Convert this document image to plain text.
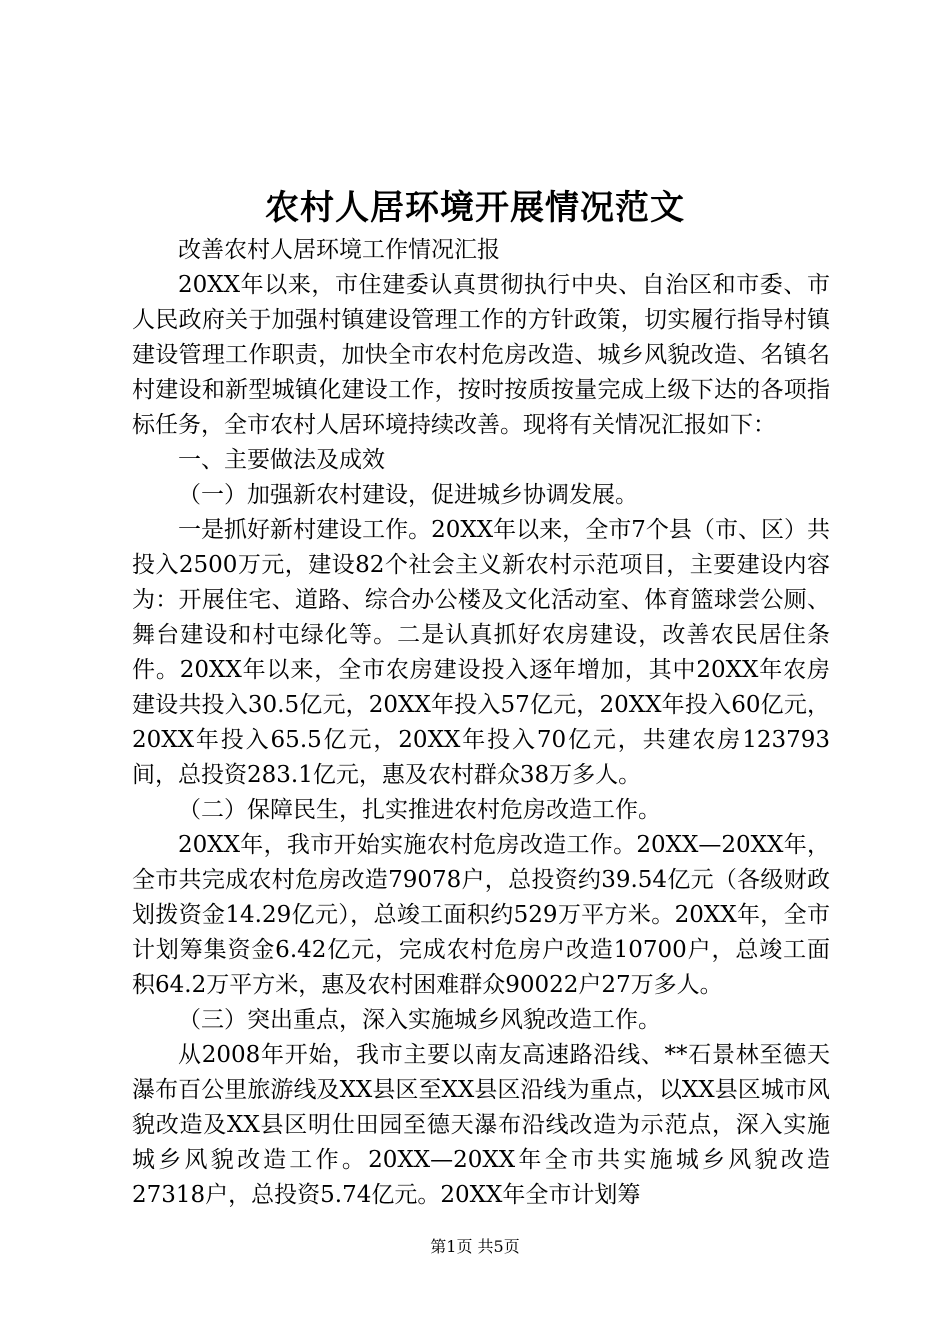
农村人居环境开展情况范文

改善农村人居环境工作情况汇报

20XX年以来，市住建委认真贯彻执行中央、自治区和市委、市人民政府关于加强村镇建设管理工作的方针政策，切实履行指导村镇建设管理工作职责，加快全市农村危房改造、城乡风貌改造、名镇名村建设和新型城镇化建设工作，按时按质按量完成上级下达的各项指标任务，全市农村人居环境持续改善。现将有关情况汇报如下：

一、主要做法及成效

（一）加强新农村建设，促进城乡协调发展。

一是抓好新村建设工作。20XX年以来，全市7个县（市、区）共投入2500万元，建设82个社会主义新农村示范项目，主要建设内容为：开展住宅、道路、综合办公楼及文化活动室、体育篮球尝公厕、舞台建设和村屯绿化等。二是认真抓好农房建设，改善农民居住条件。20XX年以来，全市农房建设投入逐年增加，其中20XX年农房建设共投入30.5亿元，20XX年投入57亿元，20XX年投入60亿元，20XX年投入65.5亿元，20XX年投入70亿元，共建农房123793间，总投资283.1亿元，惠及农村群众38万多人。

（二）保障民生，扎实推进农村危房改造工作。

20XX年，我市开始实施农村危房改造工作。20XX—20XX年，全市共完成农村危房改造79078户，总投资约39.54亿元（各级财政划拨资金14.29亿元），总竣工面积约529万平方米。20XX年，全市计划筹集资金6.42亿元，完成农村危房户改造10700户，总竣工面积64.2万平方米，惠及农村困难群众90022户27万多人。

（三）突出重点，深入实施城乡风貌改造工作。

从2008年开始，我市主要以南友高速路沿线、**石景林至德天瀑布百公里旅游线及XX县区至XX县区沿线为重点，以XX县区城市风貌改造及XX县区明仕田园至德天瀑布沿线改造为示范点，深入实施城乡风貌改造工作。20XX—20XX年全市共实施城乡风貌改造27318户，总投资5.74亿元。20XX年全市计划筹

第1页 共5页
